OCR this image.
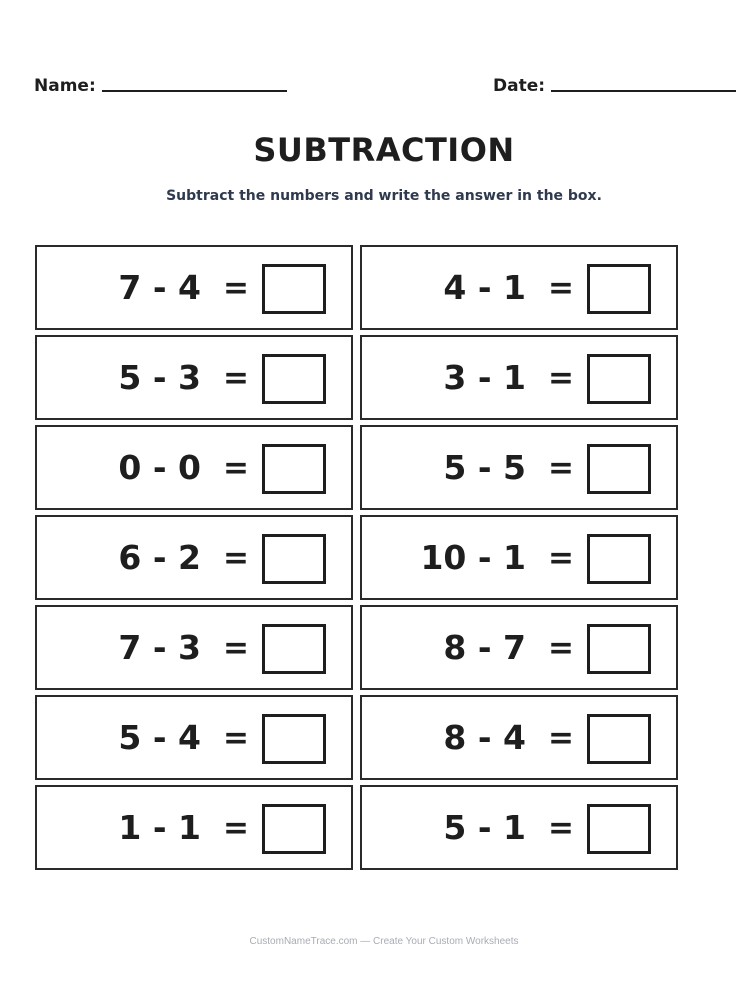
Name:	Date:
SUBTRACTION
Subtract the numbers and write the answer in the box.
7 - 4 =	4 - 1 =
5 - 3 =	3 - 1 =
0 - 0 =	5 - 5 =
6 - 2 =	10 - 1 =
7 - 3 =	8 - 7 =
5 - 4 =	8 - 4 =
1 - 1 =	5 - 1 =
CustomNameTrace.com — Create Your Custom Worksheets
